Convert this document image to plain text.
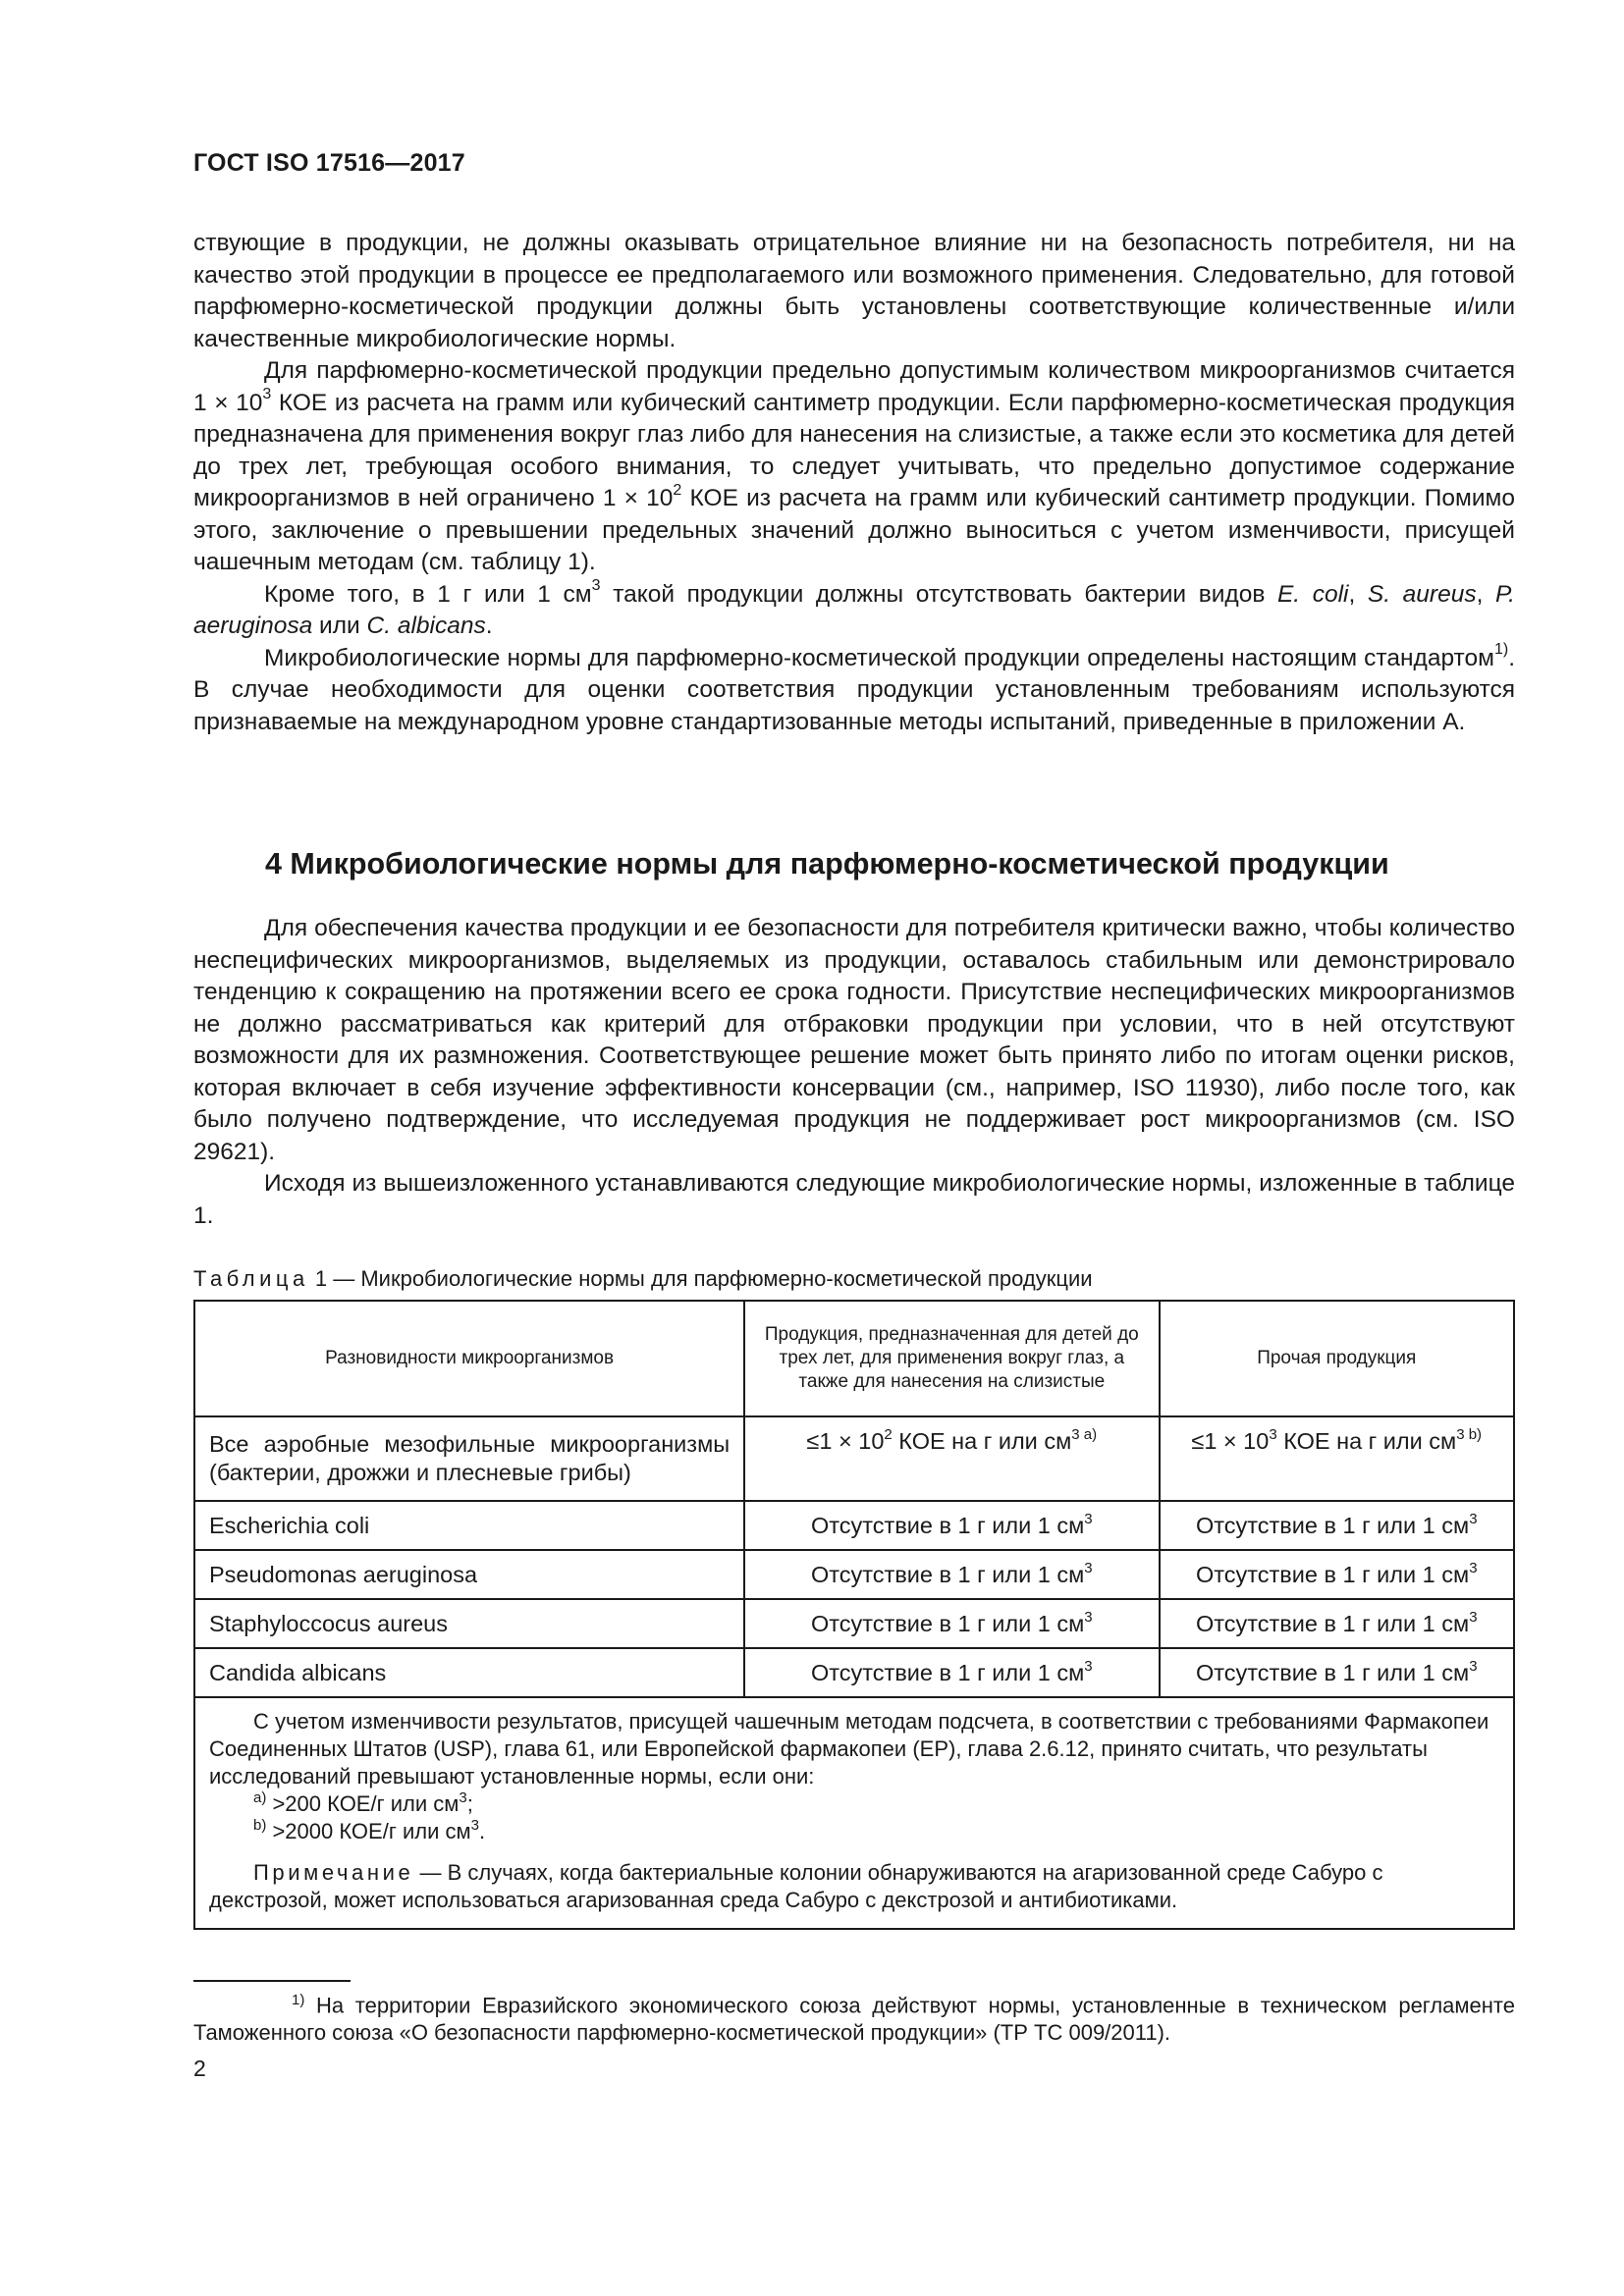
ГОСТ ISO 17516—2017

ствующие в продукции, не должны оказывать отрицательное влияние ни на безопасность потребителя, ни на качество этой продукции в процессе ее предполагаемого или возможного применения. Следовательно, для готовой парфюмерно-косметической продукции должны быть установлены соответствующие количественные и/или качественные микробиологические нормы.

Для парфюмерно-косметической продукции предельно допустимым количеством микроорганизмов считается $1 \times 10^3$ КОЕ из расчета на грамм или кубический сантиметр продукции. Если парфюмерно-косметическая продукция предназначена для применения вокруг глаз либо для нанесения на слизистые, а также если это косметика для детей до трех лет, требующая особого внимания, то следует учитывать, что предельно допустимое содержание микроорганизмов в ней ограничено $1 \times 10^2$ КОЕ из расчета на грамм или кубический сантиметр продукции. Помимо этого, заключение о превышении предельных значений должно выноситься с учетом изменчивости, присущей чашечным методам (см. таблицу 1).

Кроме того, в 1 г или 1 $см^3$ такой продукции должны отсутствовать бактерии видов E. coli, S. aureus, P. aeruginosa или C. albicans.

Микробиологические нормы для парфюмерно-косметической продукции определены настоящим стандартом$^{1)}$. В случае необходимости для оценки соответствия продукции установленным требованиям используются признаваемые на международном уровне стандартизованные методы испытаний, приведенные в приложении А.

4 Микробиологические нормы для парфюмерно-косметической продукции

Для обеспечения качества продукции и ее безопасности для потребителя критически важно, чтобы количество неспецифических микроорганизмов, выделяемых из продукции, оставалось стабильным или демонстрировало тенденцию к сокращению на протяжении всего ее срока годности. Присутствие неспецифических микроорганизмов не должно рассматриваться как критерий для отбраковки продукции при условии, что в ней отсутствуют возможности для их размножения. Соответствующее решение может быть принято либо по итогам оценки рисков, которая включает в себя изучение эффективности консервации (см., например, ISO 11930), либо после того, как было получено подтверждение, что исследуемая продукция не поддерживает рост микроорганизмов (см. ISO 29621).

Исходя из вышеизложенного устанавливаются следующие микробиологические нормы, изложенные в таблице 1.

Таблица 1 — Микробиологические нормы для парфюмерно-косметической продукции
Разновидности микроорганизмов	Продукция, предназначенная для детей до трех лет, для применения вокруг глаз, а также для нанесения на слизистые	Прочая продукция
Все аэробные мезофильные микроорганизмы (бактерии, дрожжи и плесневые грибы)	$\le 1 \times 10^2$ КОЕ на г или $см^{3 a)}$	$\le 1 \times 10^3$ КОЕ на г или $см^{3 b)}$
Escherichia coli	Отсутствие в 1 г или 1 $см^3$	Отсутствие в 1 г или 1 $см^3$
Pseudomonas aeruginosa	Отсутствие в 1 г или 1 $см^3$	Отсутствие в 1 г или 1 $см^3$
Staphyloccocus aureus	Отсутствие в 1 г или 1 $см^3$	Отсутствие в 1 г или 1 $см^3$
Candida albicans	Отсутствие в 1 г или 1 $см^3$	Отсутствие в 1 г или 1 $см^3$

С учетом изменчивости результатов, присущей чашечным методам подсчета, в соответствии с требованиями Фармакопеи Соединенных Штатов (USP), глава 61, или Европейской фармакопеи (EP), глава 2.6.12, принято считать, что результаты исследований превышают установленные нормы, если они:

$^{a)}$ >200 КОЕ/г или $см^3$;

$^{b)}$ >2000 КОЕ/г или $см^3$.

Примечание — В случаях, когда бактериальные колонии обнаруживаются на агаризованной среде Сабуро с декстрозой, может использоваться агаризованная среда Сабуро с декстрозой и антибиотиками.		

$^{1)}$ На территории Евразийского экономического союза действуют нормы, установленные в техническом регламенте Таможенного союза «О безопасности парфюмерно-косметической продукции» (ТР ТС 009/2011).

2
